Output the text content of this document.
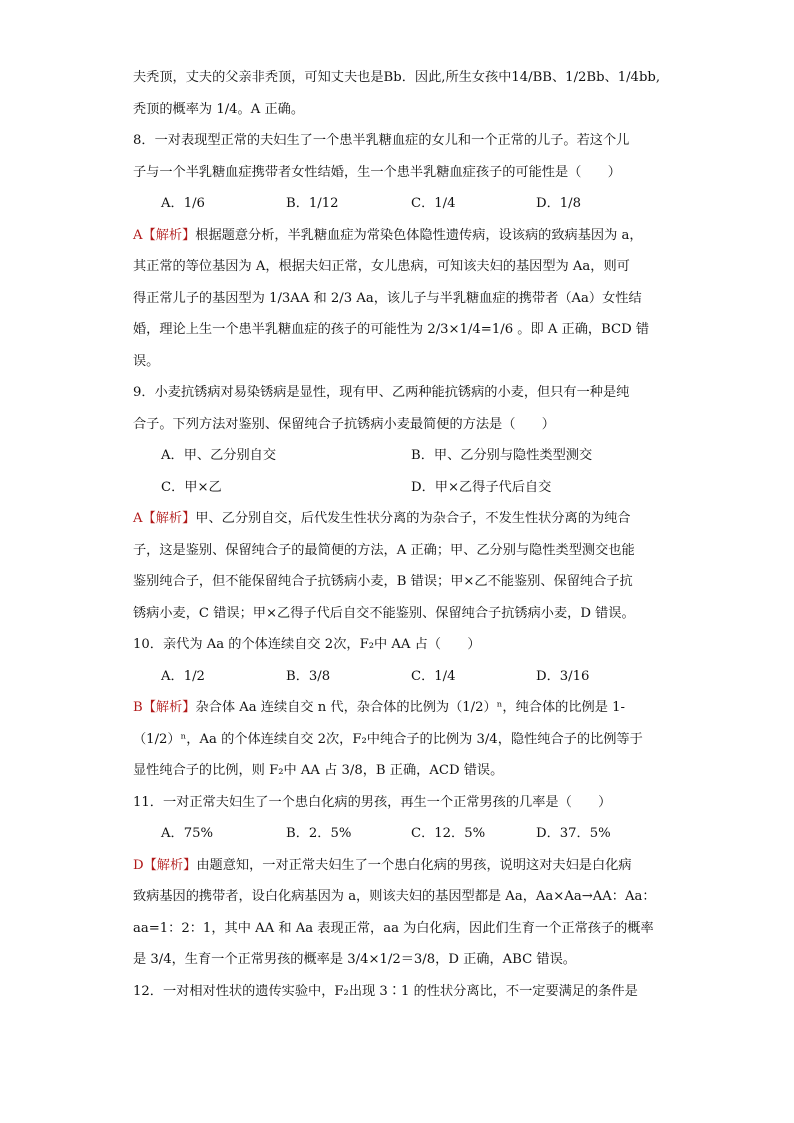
夫秃顶，丈夫的父亲非秃顶，可知丈夫也是Bb．因此,所生女孩中14/BB、1/2Bb、1/4bb,

秃顶的概率为 1/4。A 正确。

8．一对表现型正常的夫妇生了一个患半乳糖血症的女儿和一个正常的儿子。若这个儿

子与一个半乳糖血症携带者女性结婚，生一个患半乳糖血症孩子的可能性是（　　）

A．1/6	B．1/12	C．1/4	D．1/8

A【解析】根据题意分析，半乳糖血症为常染色体隐性遗传病，设该病的致病基因为 a，

其正常的等位基因为 A，根据夫妇正常，女儿患病，可知该夫妇的基因型为 Aa，则可

得正常儿子的基因型为 1/3AA 和 2/3 Aa，该儿子与半乳糖血症的携带者（Aa）女性结

婚，理论上生一个患半乳糖血症的孩子的可能性为 2/3×1/4=1/6 。即 A 正确，BCD 错

误。

9．小麦抗锈病对易染锈病是显性，现有甲、乙两种能抗锈病的小麦，但只有一种是纯

合子。下列方法对鉴别、保留纯合子抗锈病小麦最简便的方法是（　　）

A．甲、乙分别自交	B．甲、乙分别与隐性类型测交
C．甲×乙	D．甲×乙得子代后自交

A【解析】甲、乙分别自交，后代发生性状分离的为杂合子，不发生性状分离的为纯合

子，这是鉴别、保留纯合子的最简便的方法，A 正确；甲、乙分别与隐性类型测交也能

鉴别纯合子，但不能保留纯合子抗锈病小麦，B 错误；甲×乙不能鉴别、保留纯合子抗

锈病小麦，C 错误；甲×乙得子代后自交不能鉴别、保留纯合子抗锈病小麦，D 错误。

10．亲代为 Aa 的个体连续自交 2次，F₂中 AA 占（　　）

A．1/2	B．3/8	C．1/4	D．3/16

B【解析】杂合体 Aa 连续自交 n 代，杂合体的比例为（1/2）ⁿ，纯合体的比例是 1-

（1/2）ⁿ，Aa 的个体连续自交 2次，F₂中纯合子的比例为 3/4，隐性纯合子的比例等于

显性纯合子的比例，则 F₂中 AA 占 3/8，B 正确，ACD 错误。

11．一对正常夫妇生了一个患白化病的男孩，再生一个正常男孩的几率是（　　）

A．75%	B．2．5%	C．12．5%	D．37．5%

D【解析】由题意知，一对正常夫妇生了一个患白化病的男孩，说明这对夫妇是白化病

致病基因的携带者，设白化病基因为 a，则该夫妇的基因型都是 Aa，Aa×Aa→AA：Aa：

aa=1：2：1，其中 AA 和 Aa 表现正常，aa 为白化病，因此们生育一个正常孩子的概率

是 3/4，生育一个正常男孩的概率是 3/4×1/2＝3/8，D 正确，ABC 错误。

12．一对相对性状的遗传实验中，F₂出现 3∶1 的性状分离比，不一定要满足的条件是
